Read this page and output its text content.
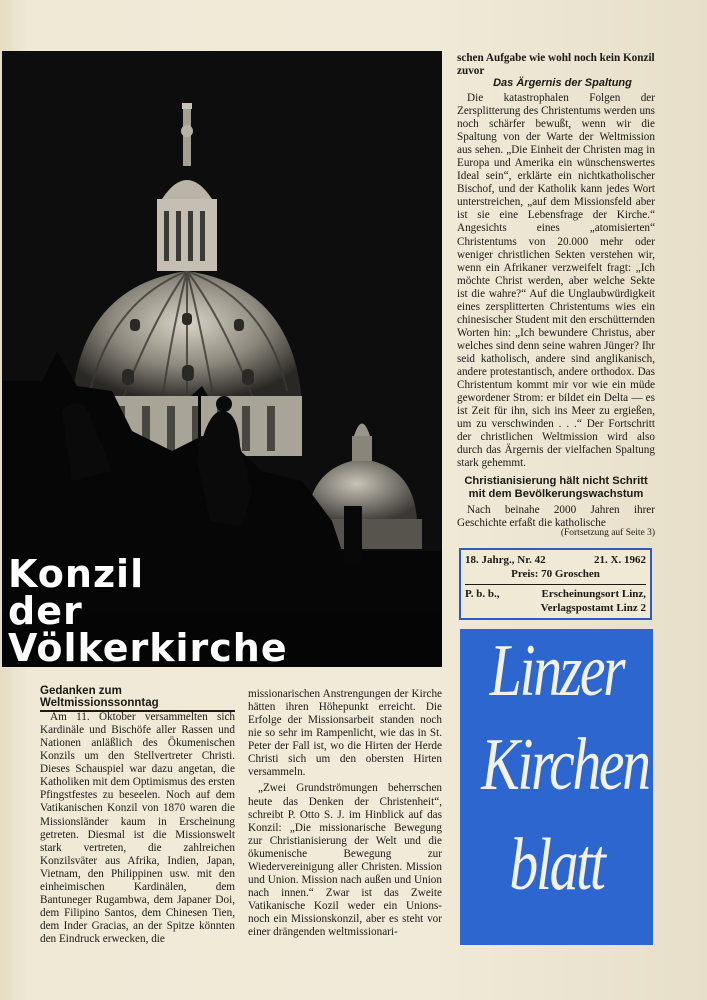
Konzil
der
Völkerkirche
schen Aufgabe wie wohl noch kein Konzil zuvor
Das Ärgernis der Spaltung

Die katastrophalen Folgen der Zersplitterung des Christentums werden uns noch schärfer bewußt, wenn wir die Spaltung von der Warte der Weltmission aus sehen. „Die Einheit der Christen mag in Europa und Amerika ein wünschenswertes Ideal sein“, erklärte ein nichtkatholischer Bischof, und der Katholik kann jedes Wort unterstreichen, „auf dem Missionsfeld aber ist sie eine Lebensfrage der Kirche.“ Angesichts eines „atomisierten“ Christentums von 20.000 mehr oder weniger christlichen Sekten verstehen wir, wenn ein Afrikaner verzweifelt fragt: „Ich möchte Christ werden, aber welche Sekte ist die wahre?“ Auf die Unglaubwürdigkeit eines zersplitterten Christentums wies ein chinesischer Student mit den erschütternden Worten hin: „Ich bewundere Christus, aber welches sind denn seine wahren Jünger? Ihr seid katholisch, andere sind anglikanisch, andere protestantisch, andere orthodox. Das Christentum kommt mir vor wie ein müde gewordener Strom: er bildet ein Delta — es ist Zeit für ihn, sich ins Meer zu ergießen, um zu verschwinden . . .“ Der Fortschritt der christlichen Weltmission wird also durch das Ärgernis der vielfachen Spaltung stark gehemmt.

Christianisierung hält nicht Schritt mit dem Bevölkerungswachstum

Nach beinahe 2000 Jahren ihrer Geschichte erfaßt die katholische

(Fortsetzung auf Seite 3)
18. Jahrg., Nr. 42	21. X. 1962
Preis: 70 Groschen
P. b. b.,	Erscheinungsort Linz,
Verlagspostamt Linz 2
Linzer
Kirchen
blatt
Gedanken zum Weltmissionssonntag

Am 11. Oktober versammelten sich Kardinäle und Bischöfe aller Rassen und Nationen anläßlich des Ökumenischen Konzils um den Stellvertreter Christi. Dieses Schauspiel war dazu angetan, die Katholiken mit dem Optimismus des ersten Pfingstfestes zu beseelen. Noch auf dem Vatikanischen Konzil von 1870 waren die Missionsländer kaum in Erscheinung getreten. Diesmal ist die Missionswelt stark vertreten, die zahlreichen Konzilsväter aus Afrika, Indien, Japan, Vietnam, den Philippinen usw. mit den einheimischen Kardinälen, dem Bantuneger Rugambwa, dem Japaner Doi, dem Filipino Santos, dem Chinesen Tien, dem Inder Gracias, an der Spitze könnten den Eindruck erwecken, die

missionarischen Anstrengungen der Kirche hätten ihren Höhepunkt erreicht. Die Erfolge der Missionsarbeit standen noch nie so sehr im Rampenlicht, wie das in St. Peter der Fall ist, wo die Hirten der Herde Christi sich um den obersten Hirten versammeln.

„Zwei Grundströmungen beherrschen heute das Denken der Christenheit“, schreibt P. Otto S. J. im Hinblick auf das Konzil: „Die missionarische Bewegung zur Christianisierung der Welt und die ökumenische Bewegung zur Wiedervereinigung aller Christen. Mission und Union. Mission nach außen und Union nach innen.“ Zwar ist das Zweite Vatikanische Kozil weder ein Unions- noch ein Missionskonzil, aber es steht vor einer drängenden weltmissionari-
